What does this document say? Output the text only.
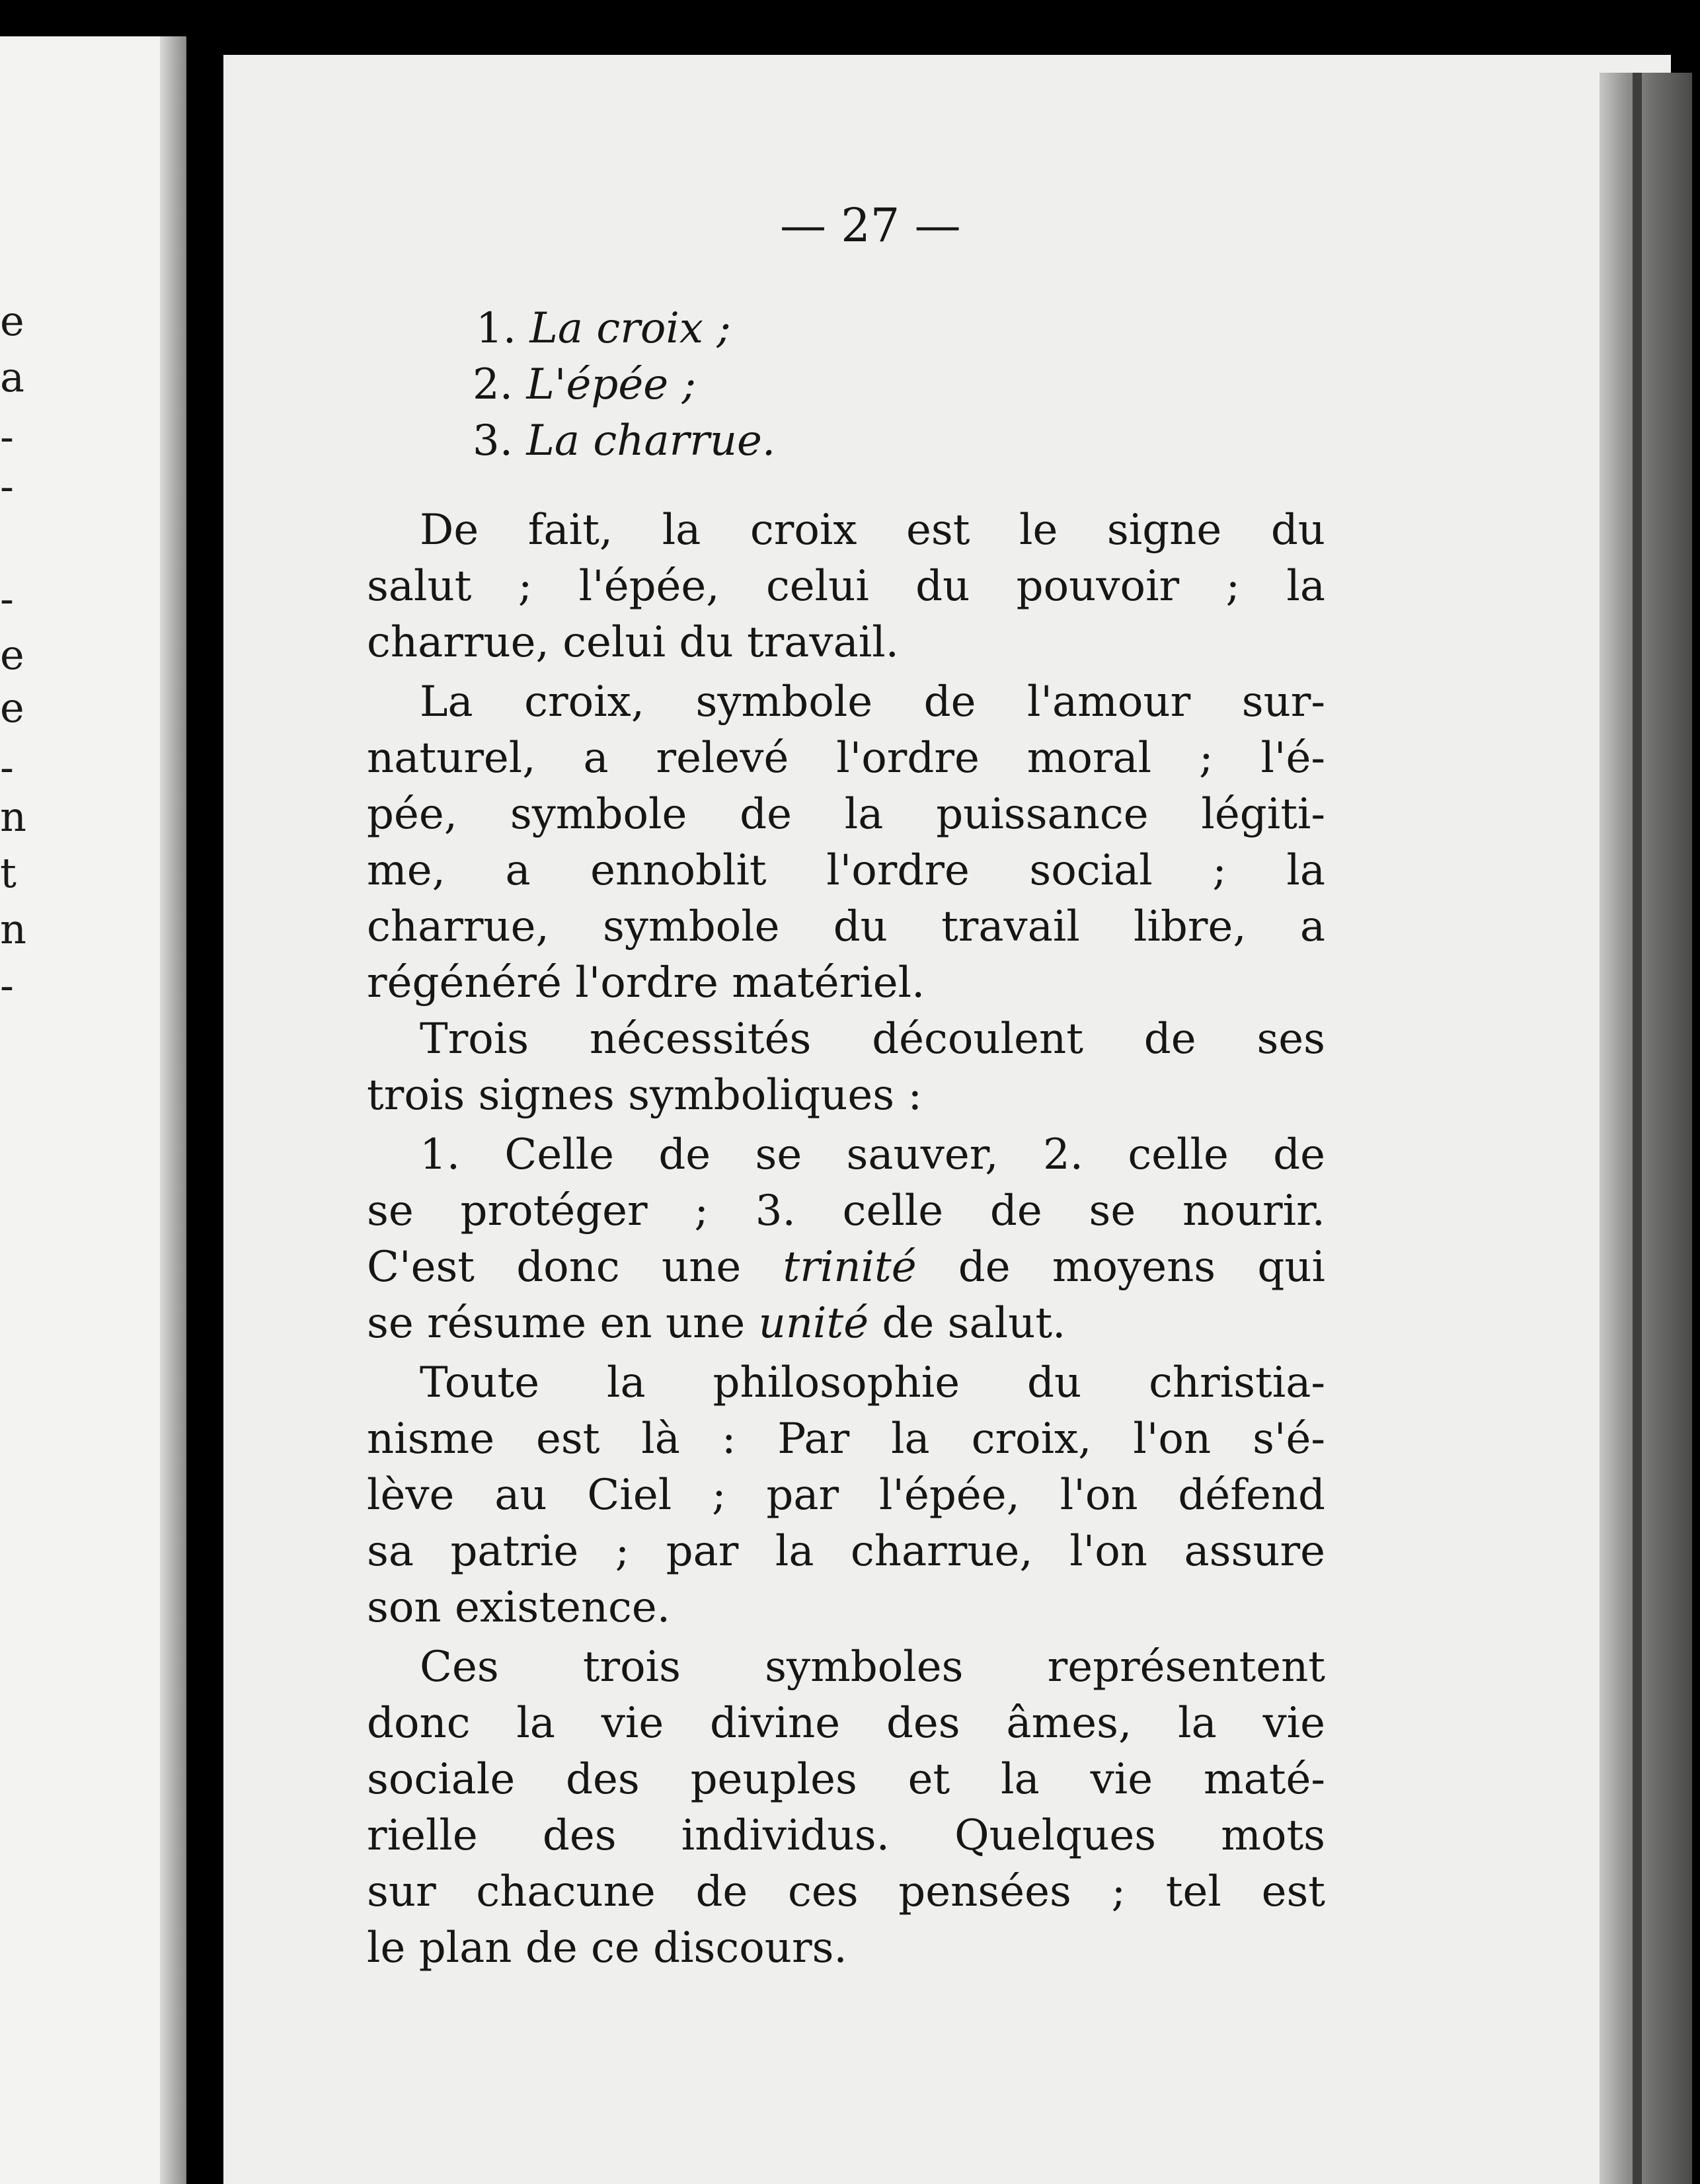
e
a
-
-
-
e
e
-
n
t
n
-
— 27 —
1. La croix ;
2. L'épée ;
3. La charrue.
De fait, la croix est le signe du
salut ; l'épée, celui du pouvoir ; la
charrue, celui du travail.
La croix, symbole de l'amour sur-
naturel, a relevé l'ordre moral ; l'é-
pée, symbole de la puissance légiti-
me, a ennoblit l'ordre social ; la
charrue, symbole du travail libre, a
régénéré l'ordre matériel.
Trois nécessités découlent de ses
trois signes symboliques :
1. Celle de se sauver, 2. celle de
se protéger ; 3. celle de se nourir.
C'est donc une trinité de moyens qui
se résume en une unité de salut.
Toute la philosophie du christia-
nisme est là : Par la croix, l'on s'é-
lève au Ciel ; par l'épée, l'on défend
sa patrie ; par la charrue, l'on assure
son existence.
Ces trois symboles représentent
donc la vie divine des âmes, la vie
sociale des peuples et la vie maté-
rielle des individus. Quelques mots
sur chacune de ces pensées ; tel est
le plan de ce discours.
